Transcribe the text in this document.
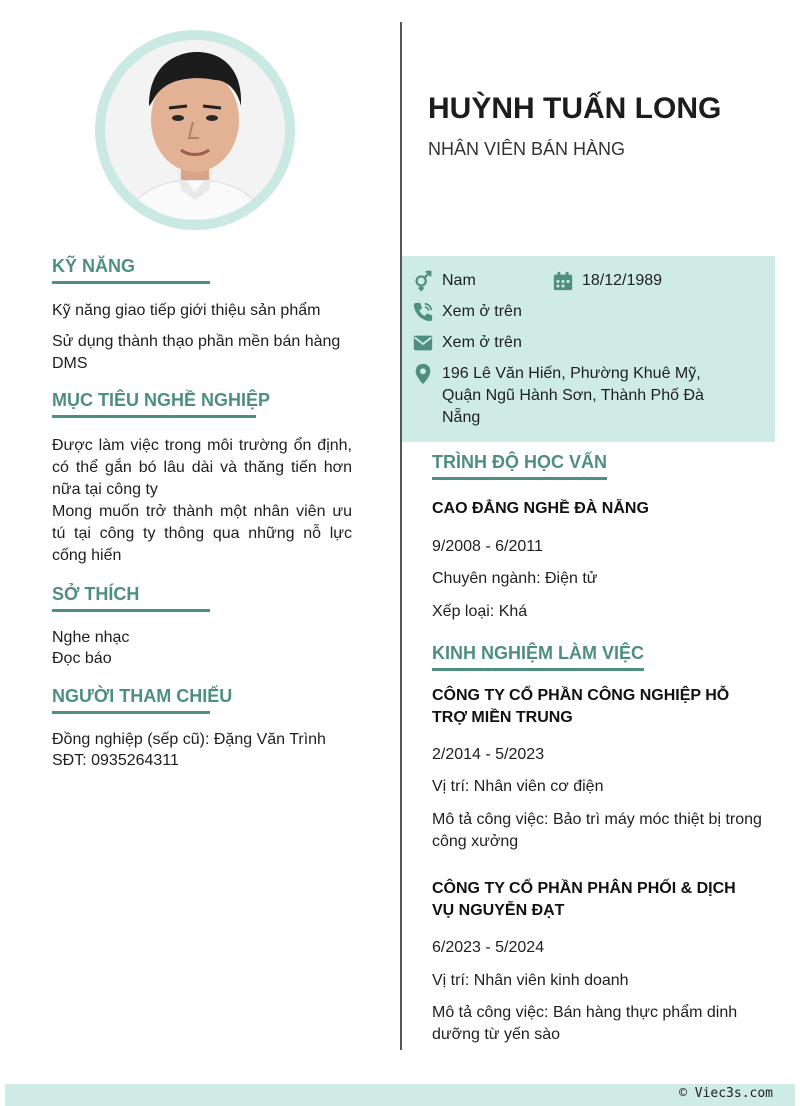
KỸ NĂNG
Kỹ năng giao tiếp giới thiệu sản phẩm
Sử dụng thành thạo phần mền bán hàng DMS
MỤC TIÊU NGHỀ NGHIỆP
Được làm việc trong môi trường ổn định, có thể gắn bó lâu dài và thăng tiến hơn nữa tại công ty
Mong muốn trở thành một nhân viên ưu tú tại công ty thông qua những nỗ lực cống hiến
SỞ THÍCH
Nghe nhạc
Đọc báo
NGƯỜI THAM CHIẾU
Đồng nghiệp (sếp cũ): Đặng Văn Trình
SĐT: 0935264311
HUỲNH TUẤN LONG
NHÂN VIÊN BÁN HÀNG
Nam	18/12/1989
Xem ở trên
Xem ở trên
196 Lê Văn Hiến, Phường Khuê Mỹ, Quận Ngũ Hành Sơn, Thành Phố Đà Nẵng
TRÌNH ĐỘ HỌC VẤN
CAO ĐẲNG NGHỀ ĐÀ NẴNG
9/2008 - 6/2011
Chuyên ngành: Điện tử
Xếp loại: Khá
KINH NGHIỆM LÀM VIỆC
CÔNG TY CỔ PHẦN CÔNG NGHIỆP HỖ TRỢ MIỀN TRUNG
2/2014 - 5/2023
Vị trí: Nhân viên cơ điện
Mô tả công việc: Bảo trì máy móc thiệt bị trong công xưởng
CÔNG TY CỔ PHẦN PHÂN PHỐI & DỊCH VỤ NGUYỄN ĐẠT
6/2023 - 5/2024
Vị trí: Nhân viên kinh doanh
Mô tả công việc: Bán hàng thực phẩm dinh dưỡng từ yến sào
© Viec3s.com
